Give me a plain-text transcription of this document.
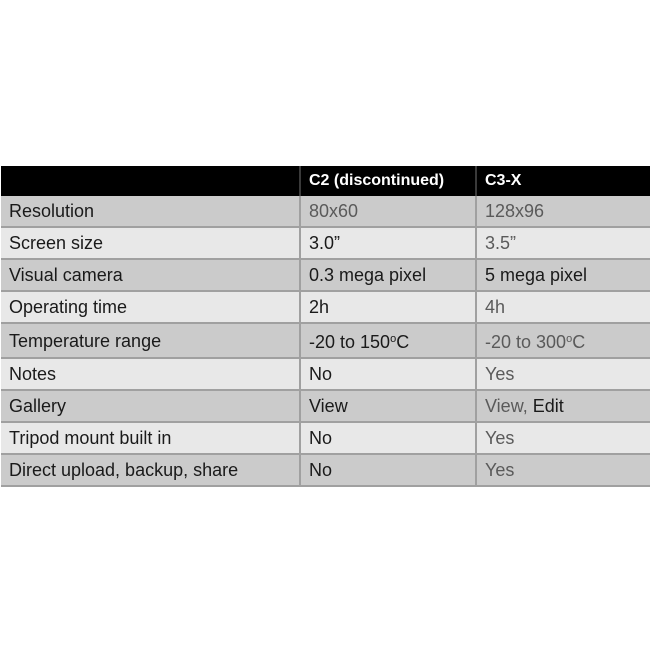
	C2 (discontinued)	C3-X
Resolution	80x60	128x96
Screen size	3.0”	3.5”
Visual camera	0.3 mega pixel	5 mega pixel
Operating time	2h	4h
Temperature range	-20 to 150$^o$C	-20 to 300$^o$C
Notes	No	Yes
Gallery	View	View, Edit
Tripod mount built in	No	Yes
Direct upload, backup, share	No	Yes
